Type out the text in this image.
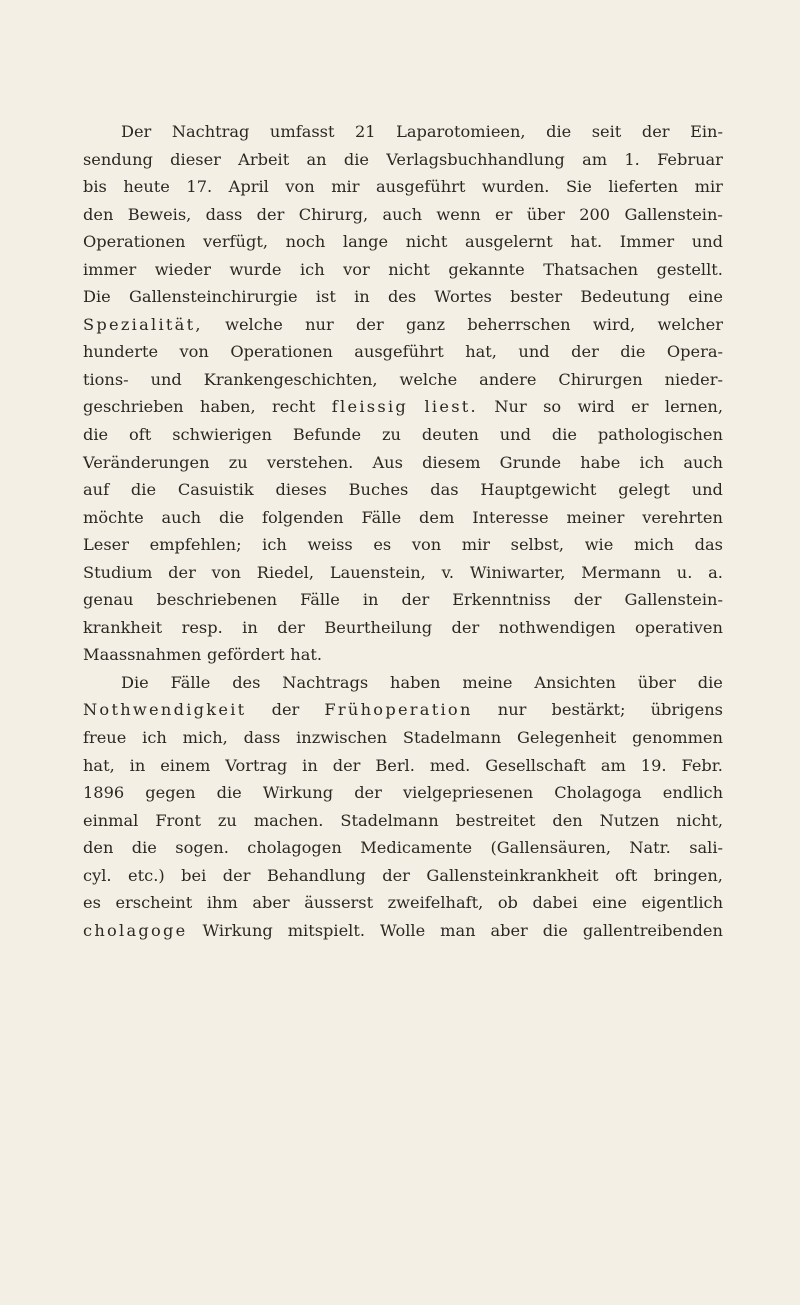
Der Nachtrag umfasst 21 Laparotomieen, die seit der Ein-
sendung dieser Arbeit an die Verlagsbuchhandlung am 1. Februar
bis heute 17. April von mir ausgeführt wurden. Sie lieferten mir
den Beweis, dass der Chirurg, auch wenn er über 200 Gallenstein-
Operationen verfügt, noch lange nicht ausgelernt hat. Immer und
immer wieder wurde ich vor nicht gekannte Thatsachen gestellt.
Die Gallensteinchirurgie ist in des Wortes bester Bedeutung eine
Spezialität, welche nur der ganz beherrschen wird, welcher
hunderte von Operationen ausgeführt hat, und der die Opera-
tions- und Krankengeschichten, welche andere Chirurgen nieder-
geschrieben haben, recht fleissig liest. Nur so wird er lernen,
die oft schwierigen Befunde zu deuten und die pathologischen
Veränderungen zu verstehen. Aus diesem Grunde habe ich auch
auf die Casuistik dieses Buches das Hauptgewicht gelegt und
möchte auch die folgenden Fälle dem Interesse meiner verehrten
Leser empfehlen; ich weiss es von mir selbst, wie mich das
Studium der von Riedel, Lauenstein, v. Winiwarter, Mermann u. a.
genau beschriebenen Fälle in der Erkenntniss der Gallenstein-
krankheit resp. in der Beurtheilung der nothwendigen operativen
Maassnahmen gefördert hat.
Die Fälle des Nachtrags haben meine Ansichten über die
Nothwendigkeit der Frühoperation nur bestärkt; übrigens
freue ich mich, dass inzwischen Stadelmann Gelegenheit genommen
hat, in einem Vortrag in der Berl. med. Gesellschaft am 19. Febr.
1896 gegen die Wirkung der vielgepriesenen Cholagoga endlich
einmal Front zu machen. Stadelmann bestreitet den Nutzen nicht,
den die sogen. cholagogen Medicamente (Gallensäuren, Natr. sali-
cyl. etc.) bei der Behandlung der Gallensteinkrankheit oft bringen,
es erscheint ihm aber äusserst zweifelhaft, ob dabei eine eigentlich
cholagoge Wirkung mitspielt. Wolle man aber die gallentreibenden
